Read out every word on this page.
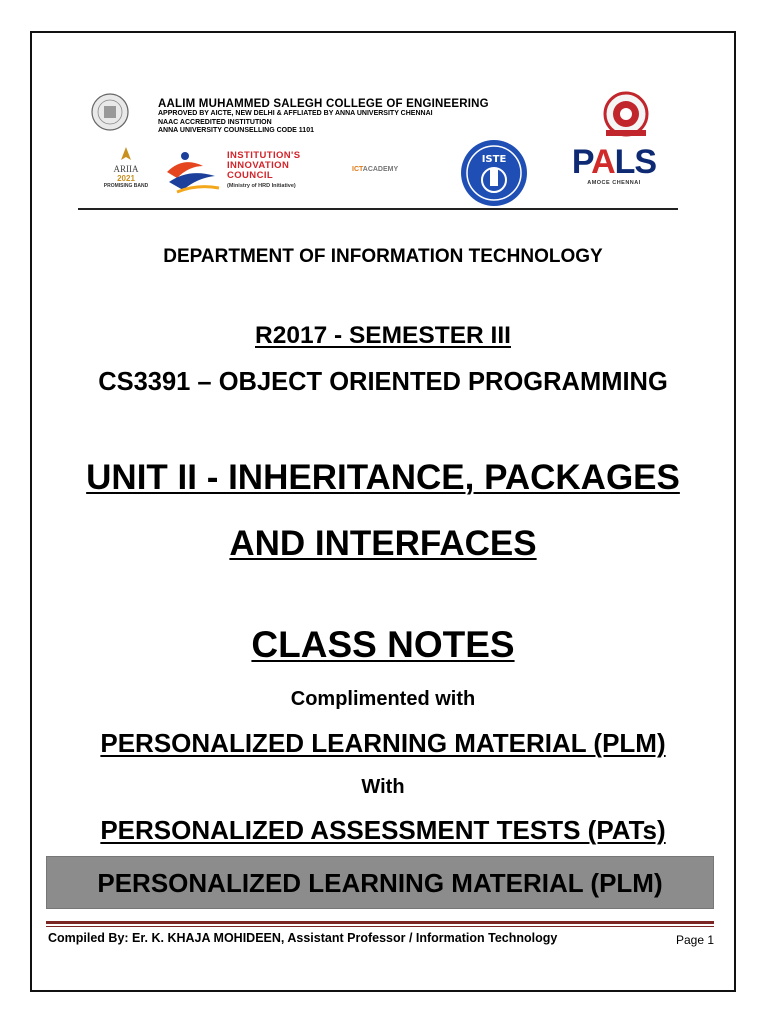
AALIM MUHAMMED SALEGH COLLEGE OF ENGINEERING
APPROVED BY AICTE, NEW DELHI & AFFLIATED BY ANNA UNIVERSITY CHENNAI
NAAC ACCREDITED INSTITUTION
ANNA UNIVERSITY COUNSELLING CODE 1101
ARIIA
2021
PROMISING BAND
INSTITUTION'S
INNOVATION
COUNCIL
(Ministry of HRD Initiative)
ICTACADEMY
ISTE PALS
AMOCE CHENNAI
DEPARTMENT OF INFORMATION TECHNOLOGY
R2017 - SEMESTER III
CS3391 – OBJECT ORIENTED PROGRAMMING
UNIT II - INHERITANCE, PACKAGES
AND INTERFACES
CLASS NOTES
Complimented with
PERSONALIZED LEARNING MATERIAL (PLM)
With
PERSONALIZED ASSESSMENT TESTS (PATs)
PERSONALIZED LEARNING MATERIAL (PLM)
Compiled By: Er. K. KHAJA MOHIDEEN, Assistant Professor / Information Technology	Page 1
